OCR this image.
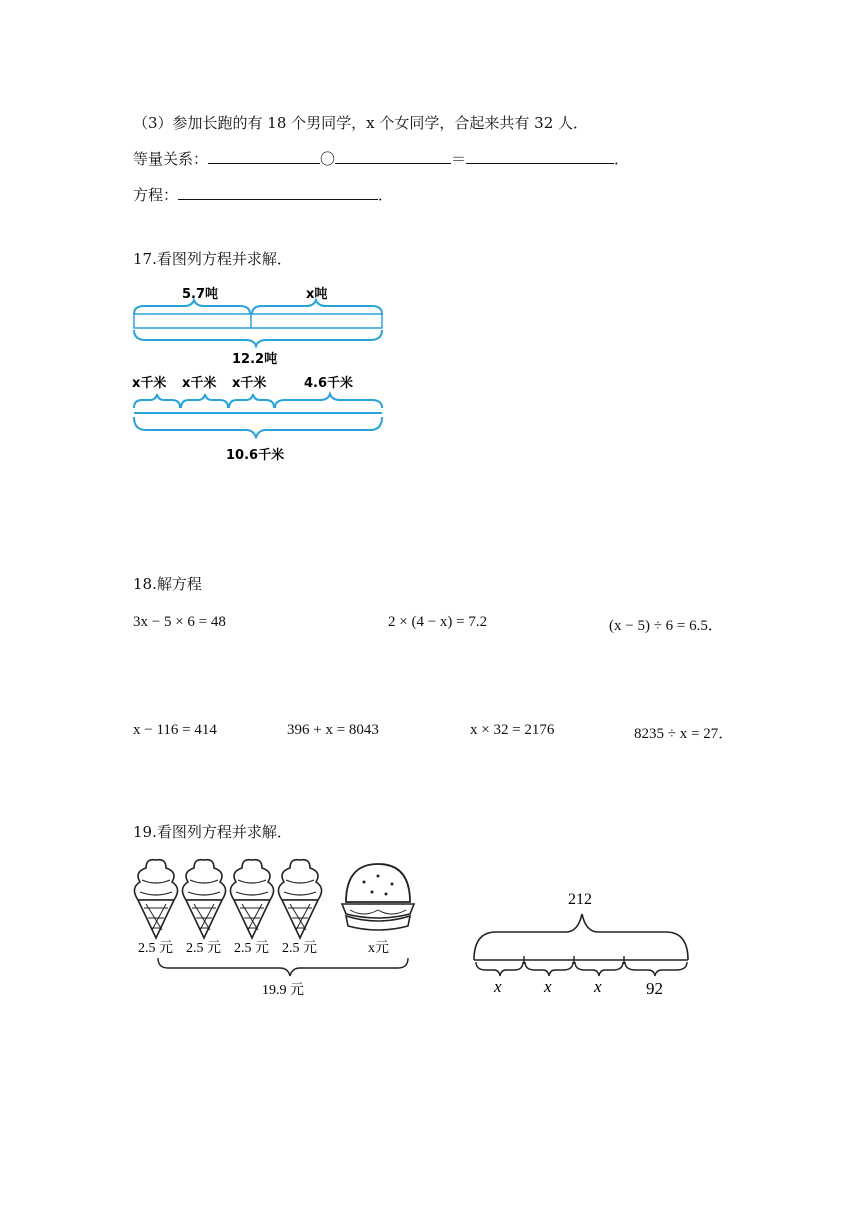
（3）参加长跑的有 18 个男同学，x 个女同学，合起来共有 32 人．
等量关系：	〇	＝	．
方程：	．
17.看图列方程并求解．
5.7吨	x吨
12.2吨
x千米 x千米 x千米	4.6千米
10.6千米
18.解方程
3x − 5 × 6 = 48	2 × (4 − x) = 7.2	(x − 5) ÷ 6 = 6.5．
x − 116 = 414	396 + x = 8043	x × 32 = 2176	8235 ÷ x = 27．
19.看图列方程并求解．
2.5 元 2.5 元 2.5 元 2.5 元	x元
19.9 元
212
x x x	92
